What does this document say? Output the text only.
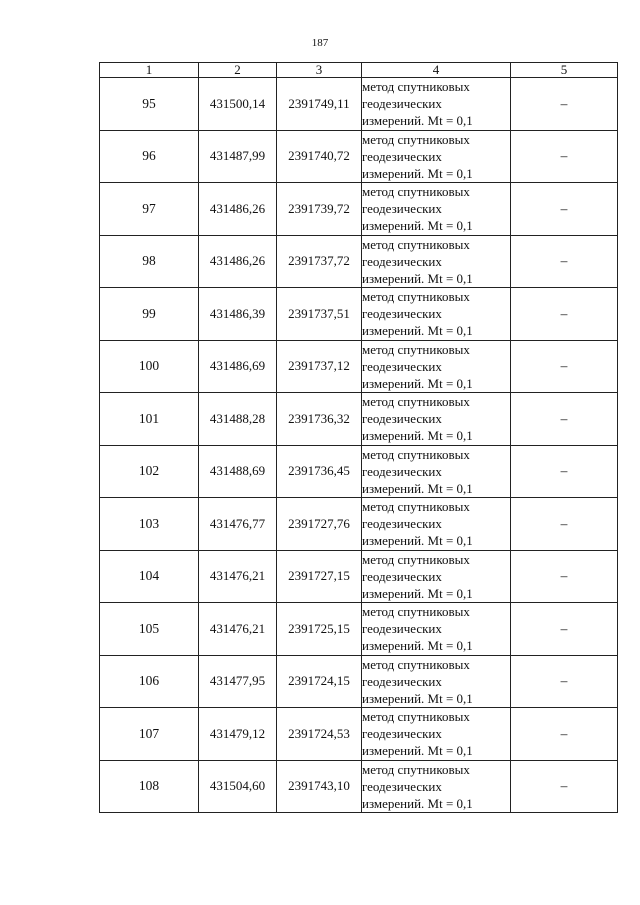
187
1	2	3	4	5
95	431500,14	2391749,11	метод спутниковых
геодезических
измерений. Mt = 0,1	–
96	431487,99	2391740,72	метод спутниковых
геодезических
измерений. Mt = 0,1	–
97	431486,26	2391739,72	метод спутниковых
геодезических
измерений. Mt = 0,1	–
98	431486,26	2391737,72	метод спутниковых
геодезических
измерений. Mt = 0,1	–
99	431486,39	2391737,51	метод спутниковых
геодезических
измерений. Mt = 0,1	–
100	431486,69	2391737,12	метод спутниковых
геодезических
измерений. Mt = 0,1	–
101	431488,28	2391736,32	метод спутниковых
геодезических
измерений. Mt = 0,1	–
102	431488,69	2391736,45	метод спутниковых
геодезических
измерений. Mt = 0,1	–
103	431476,77	2391727,76	метод спутниковых
геодезических
измерений. Mt = 0,1	–
104	431476,21	2391727,15	метод спутниковых
геодезических
измерений. Mt = 0,1	–
105	431476,21	2391725,15	метод спутниковых
геодезических
измерений. Mt = 0,1	–
106	431477,95	2391724,15	метод спутниковых
геодезических
измерений. Mt = 0,1	–
107	431479,12	2391724,53	метод спутниковых
геодезических
измерений. Mt = 0,1	–
108	431504,60	2391743,10	метод спутниковых
геодезических
измерений. Mt = 0,1	–
